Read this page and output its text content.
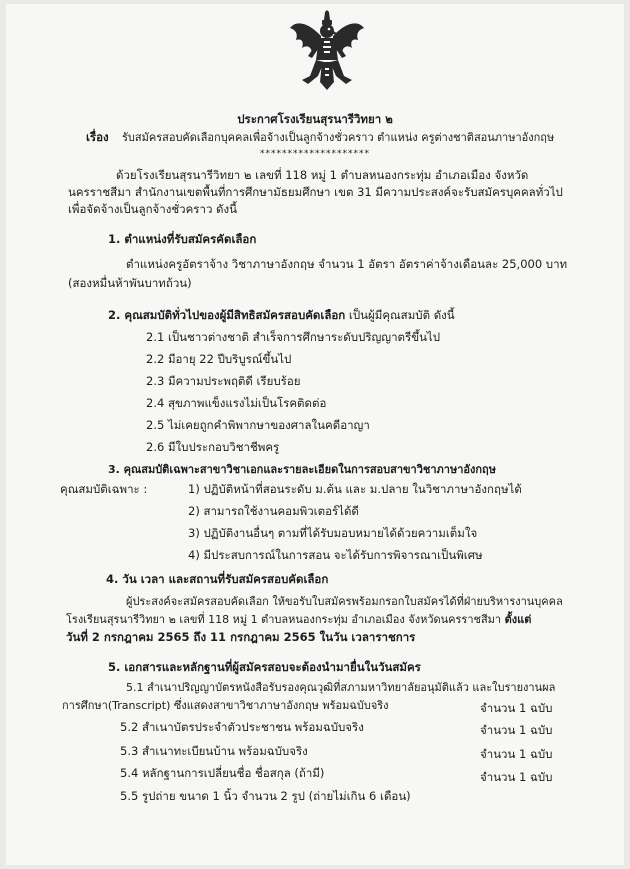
ประกาศโรงเรียนสุรนารีวิทยา ๒
เรื่อง รับสมัครสอบคัดเลือกบุคคลเพื่อจ้างเป็นลูกจ้างชั่วคราว ตำแหน่ง ครูต่างชาติสอนภาษาอังกฤษ
********************
ด้วยโรงเรียนสุรนารีวิทยา ๒ เลขที่ 118 หมู่ 1 ตำบลหนองกระทุ่ม อำเภอเมือง จังหวัด
นครราชสีมา สำนักงานเขตพื้นที่การศึกษามัธยมศึกษา เขต 31 มีความประสงค์จะรับสมัครบุคคลทั่วไป
เพื่อจัดจ้างเป็นลูกจ้างชั่วคราว ดังนี้
1. ตำแหน่งที่รับสมัครคัดเลือก
ตำแหน่งครูอัตราจ้าง วิชาภาษาอังกฤษ จำนวน 1 อัตรา อัตราค่าจ้างเดือนละ 25,000 บาท
(สองหมื่นห้าพันบาทถ้วน)
2. คุณสมบัติทั่วไปของผู้มีสิทธิสมัครสอบคัดเลือก เป็นผู้มีคุณสมบัติ ดังนี้
2.1 เป็นชาวต่างชาติ สำเร็จการศึกษาระดับปริญญาตรีขึ้นไป
2.2 มีอายุ 22 ปีบริบูรณ์ขึ้นไป
2.3 มีความประพฤติดี เรียบร้อย
2.4 สุขภาพแข็งแรงไม่เป็นโรคติดต่อ
2.5 ไม่เคยถูกคำพิพากษาของศาลในคดีอาญา
2.6 มีใบประกอบวิชาชีพครู
3. คุณสมบัติเฉพาะสาขาวิชาเอกและรายละเอียดในการสอบสาขาวิชาภาษาอังกฤษ
คุณสมบัติเฉพาะ :	1) ปฏิบัติหน้าที่สอนระดับ ม.ต้น และ ม.ปลาย ในวิชาภาษาอังกฤษได้
2) สามารถใช้งานคอมพิวเตอร์ได้ดี
3) ปฏิบัติงานอื่นๆ ตามที่ได้รับมอบหมายได้ด้วยความเต็มใจ
4) มีประสบการณ์ในการสอน จะได้รับการพิจารณาเป็นพิเศษ
4. วัน เวลา และสถานที่รับสมัครสอบคัดเลือก
ผู้ประสงค์จะสมัครสอบคัดเลือก ให้ขอรับใบสมัครพร้อมกรอกใบสมัครได้ที่ฝ่ายบริหารงานบุคคล
โรงเรียนสุรนารีวิทยา ๒ เลขที่ 118 หมู่ 1 ตำบลหนองกระทุ่ม อำเภอเมือง จังหวัดนครราชสีมา ตั้งแต่
วันที่ 2 กรกฎาคม 2565 ถึง 11 กรกฎาคม 2565 ในวัน เวลาราชการ
5. เอกสารและหลักฐานที่ผู้สมัครสอบจะต้องนำมายื่นในวันสมัคร
5.1 สำเนาปริญญาบัตรหนังสือรับรองคุณวุฒิที่สภามหาวิทยาลัยอนุมัติแล้ว และใบรายงานผล
การศึกษา(Transcript) ซึ่งแสดงสาขาวิชาภาษาอังกฤษ พร้อมฉบับจริง	จำนวน 1 ฉบับ
5.2 สำเนาบัตรประจำตัวประชาชน พร้อมฉบับจริง	จำนวน 1 ฉบับ
5.3 สำเนาทะเบียนบ้าน พร้อมฉบับจริง	จำนวน 1 ฉบับ
5.4 หลักฐานการเปลี่ยนชื่อ ชื่อสกุล (ถ้ามี)	จำนวน 1 ฉบับ
5.5 รูปถ่าย ขนาด 1 นิ้ว จำนวน 2 รูป (ถ่ายไม่เกิน 6 เดือน)
